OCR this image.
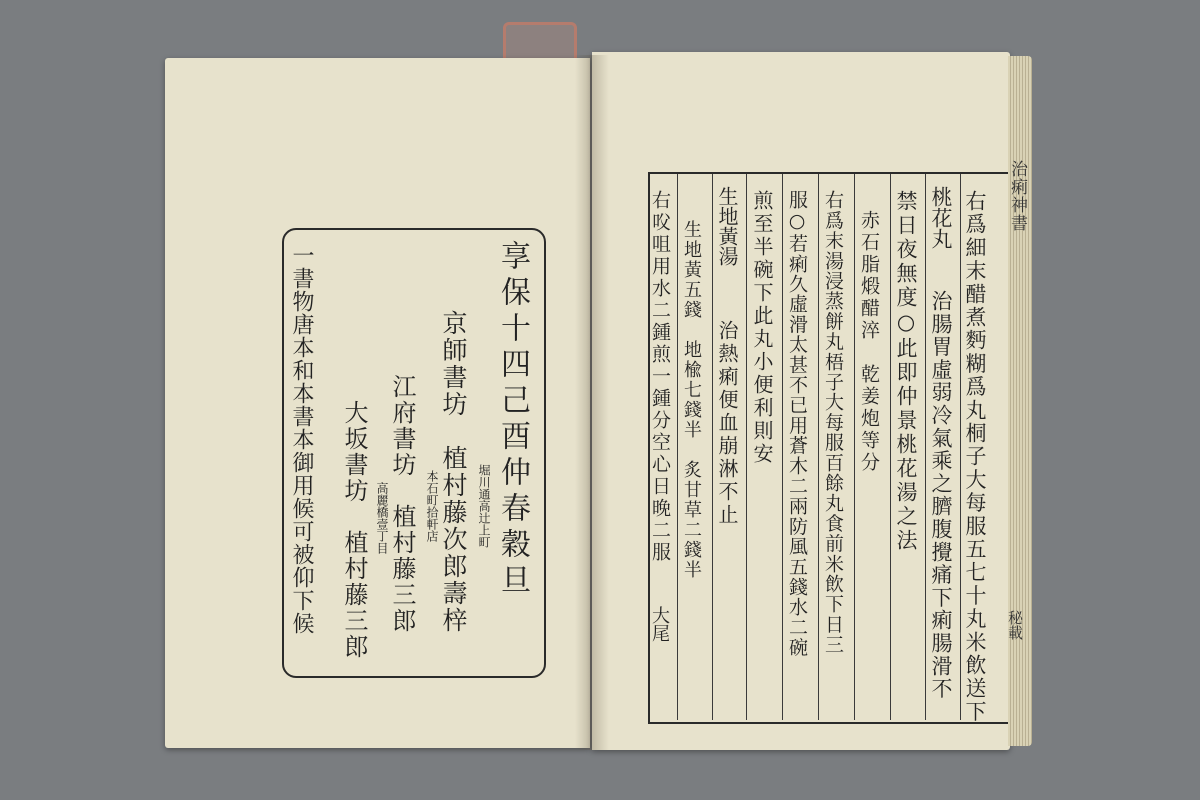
享保十四己酉仲春穀旦
京師書坊　植村藤次郎壽梓 堀川通高辻上町
江府書坊　植村藤三郎 本石町拾軒店
大坂書坊　植村藤三郎 高麗橋壹丁目
一書物唐本和本書本御用候可被仰下候
治痢神書
秘載
右爲細末醋煮麪糊爲丸桐子大每服五七十丸米飲送下
治腸胃虛弱冷氣乘之臍腹攪痛下痢腸滑不
桃花丸
禁日夜無度○此即仲景桃花湯之法
赤石脂煅醋淬　乾姜炮等分
右爲末湯浸蒸餅丸梧子大每服百餘丸食前米飲下日三
服○若痢久虛滑太甚不已用蒼木二兩防風五錢水二碗
煎至半碗下此丸小便利則安
生地黃湯
治熱痢便血崩淋不止
生地黃五錢　地楡七錢半　炙甘草二錢半
右㕮咀用水二鍾煎一鍾分空心日晚二服
大尾
